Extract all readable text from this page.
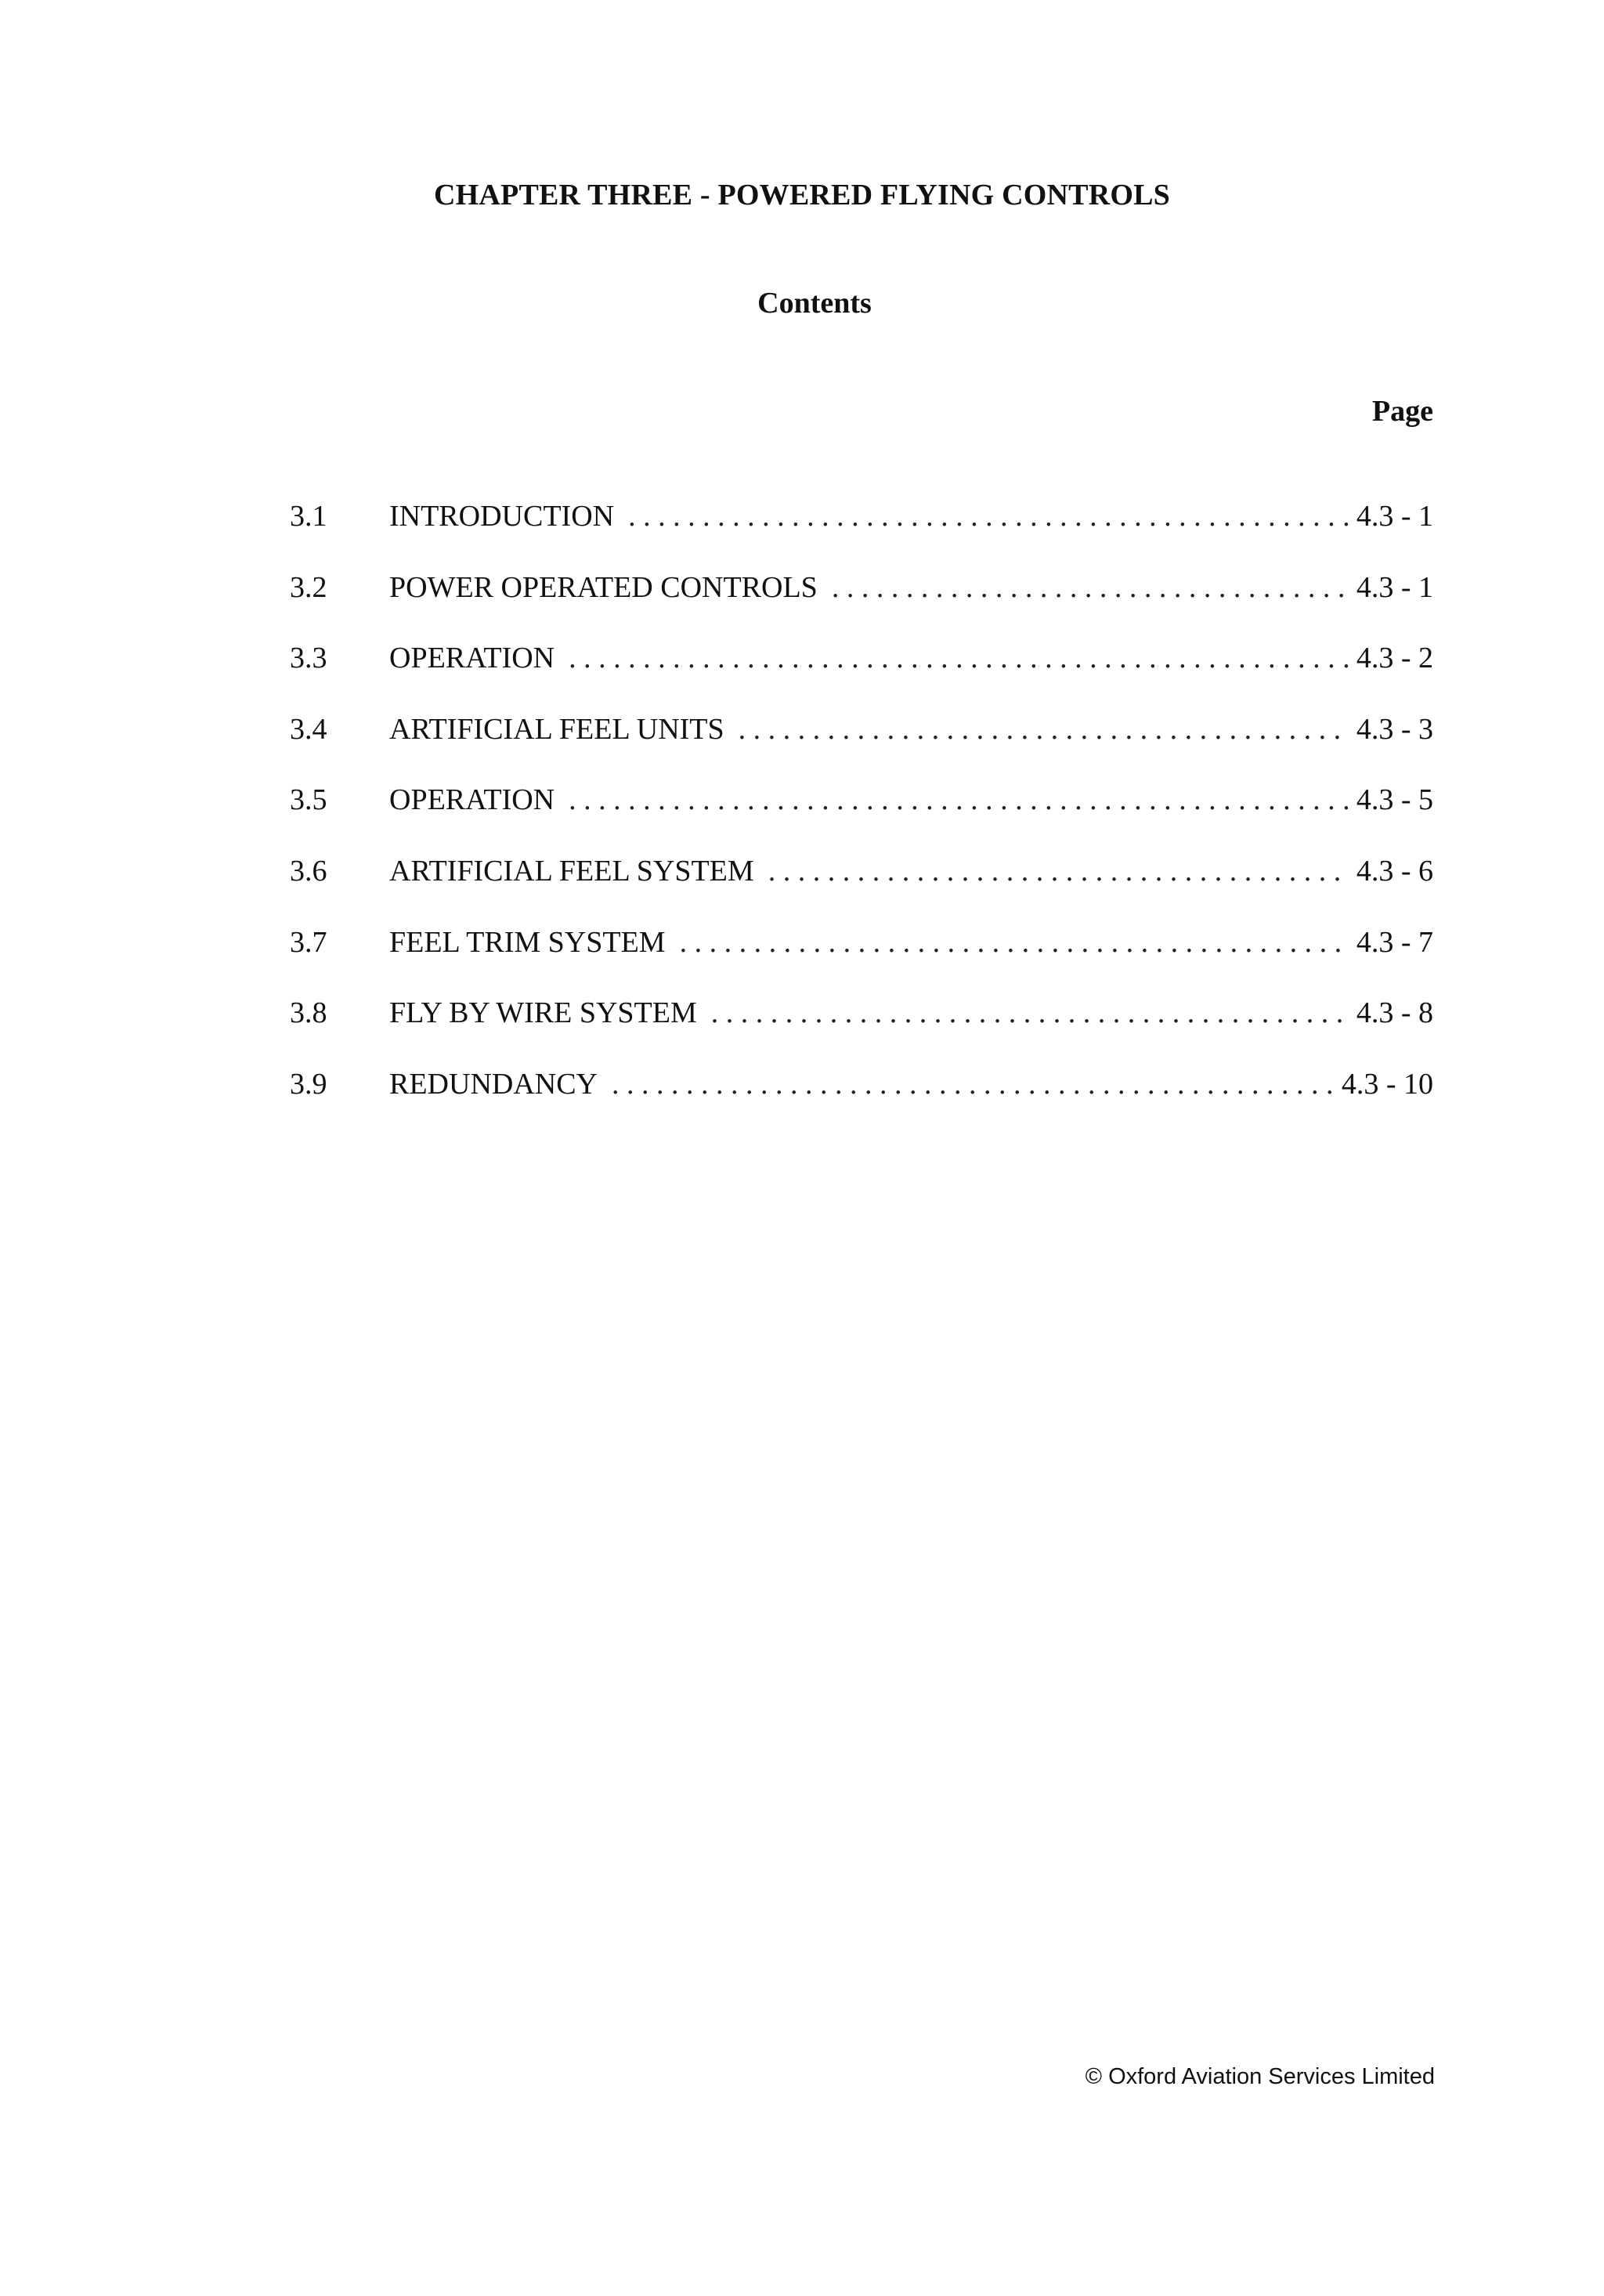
CHAPTER THREE - POWERED FLYING CONTROLS
Contents
Page
3.1 INTRODUCTION . . .	4.3 - 1
3.2 POWER OPERATED CONTROLS . . .	4.3 - 1
3.3 OPERATION . . .	4.3 - 2
3.4 ARTIFICIAL FEEL UNITS . . .	4.3 - 3
3.5 OPERATION . . .	4.3 - 5
3.6 ARTIFICIAL FEEL SYSTEM . . .	4.3 - 6
3.7 FEEL TRIM SYSTEM . . .	4.3 - 7
3.8 FLY BY WIRE SYSTEM . . .	4.3 - 8
3.9 REDUNDANCY . . .	4.3 - 10
© Oxford Aviation Services Limited
